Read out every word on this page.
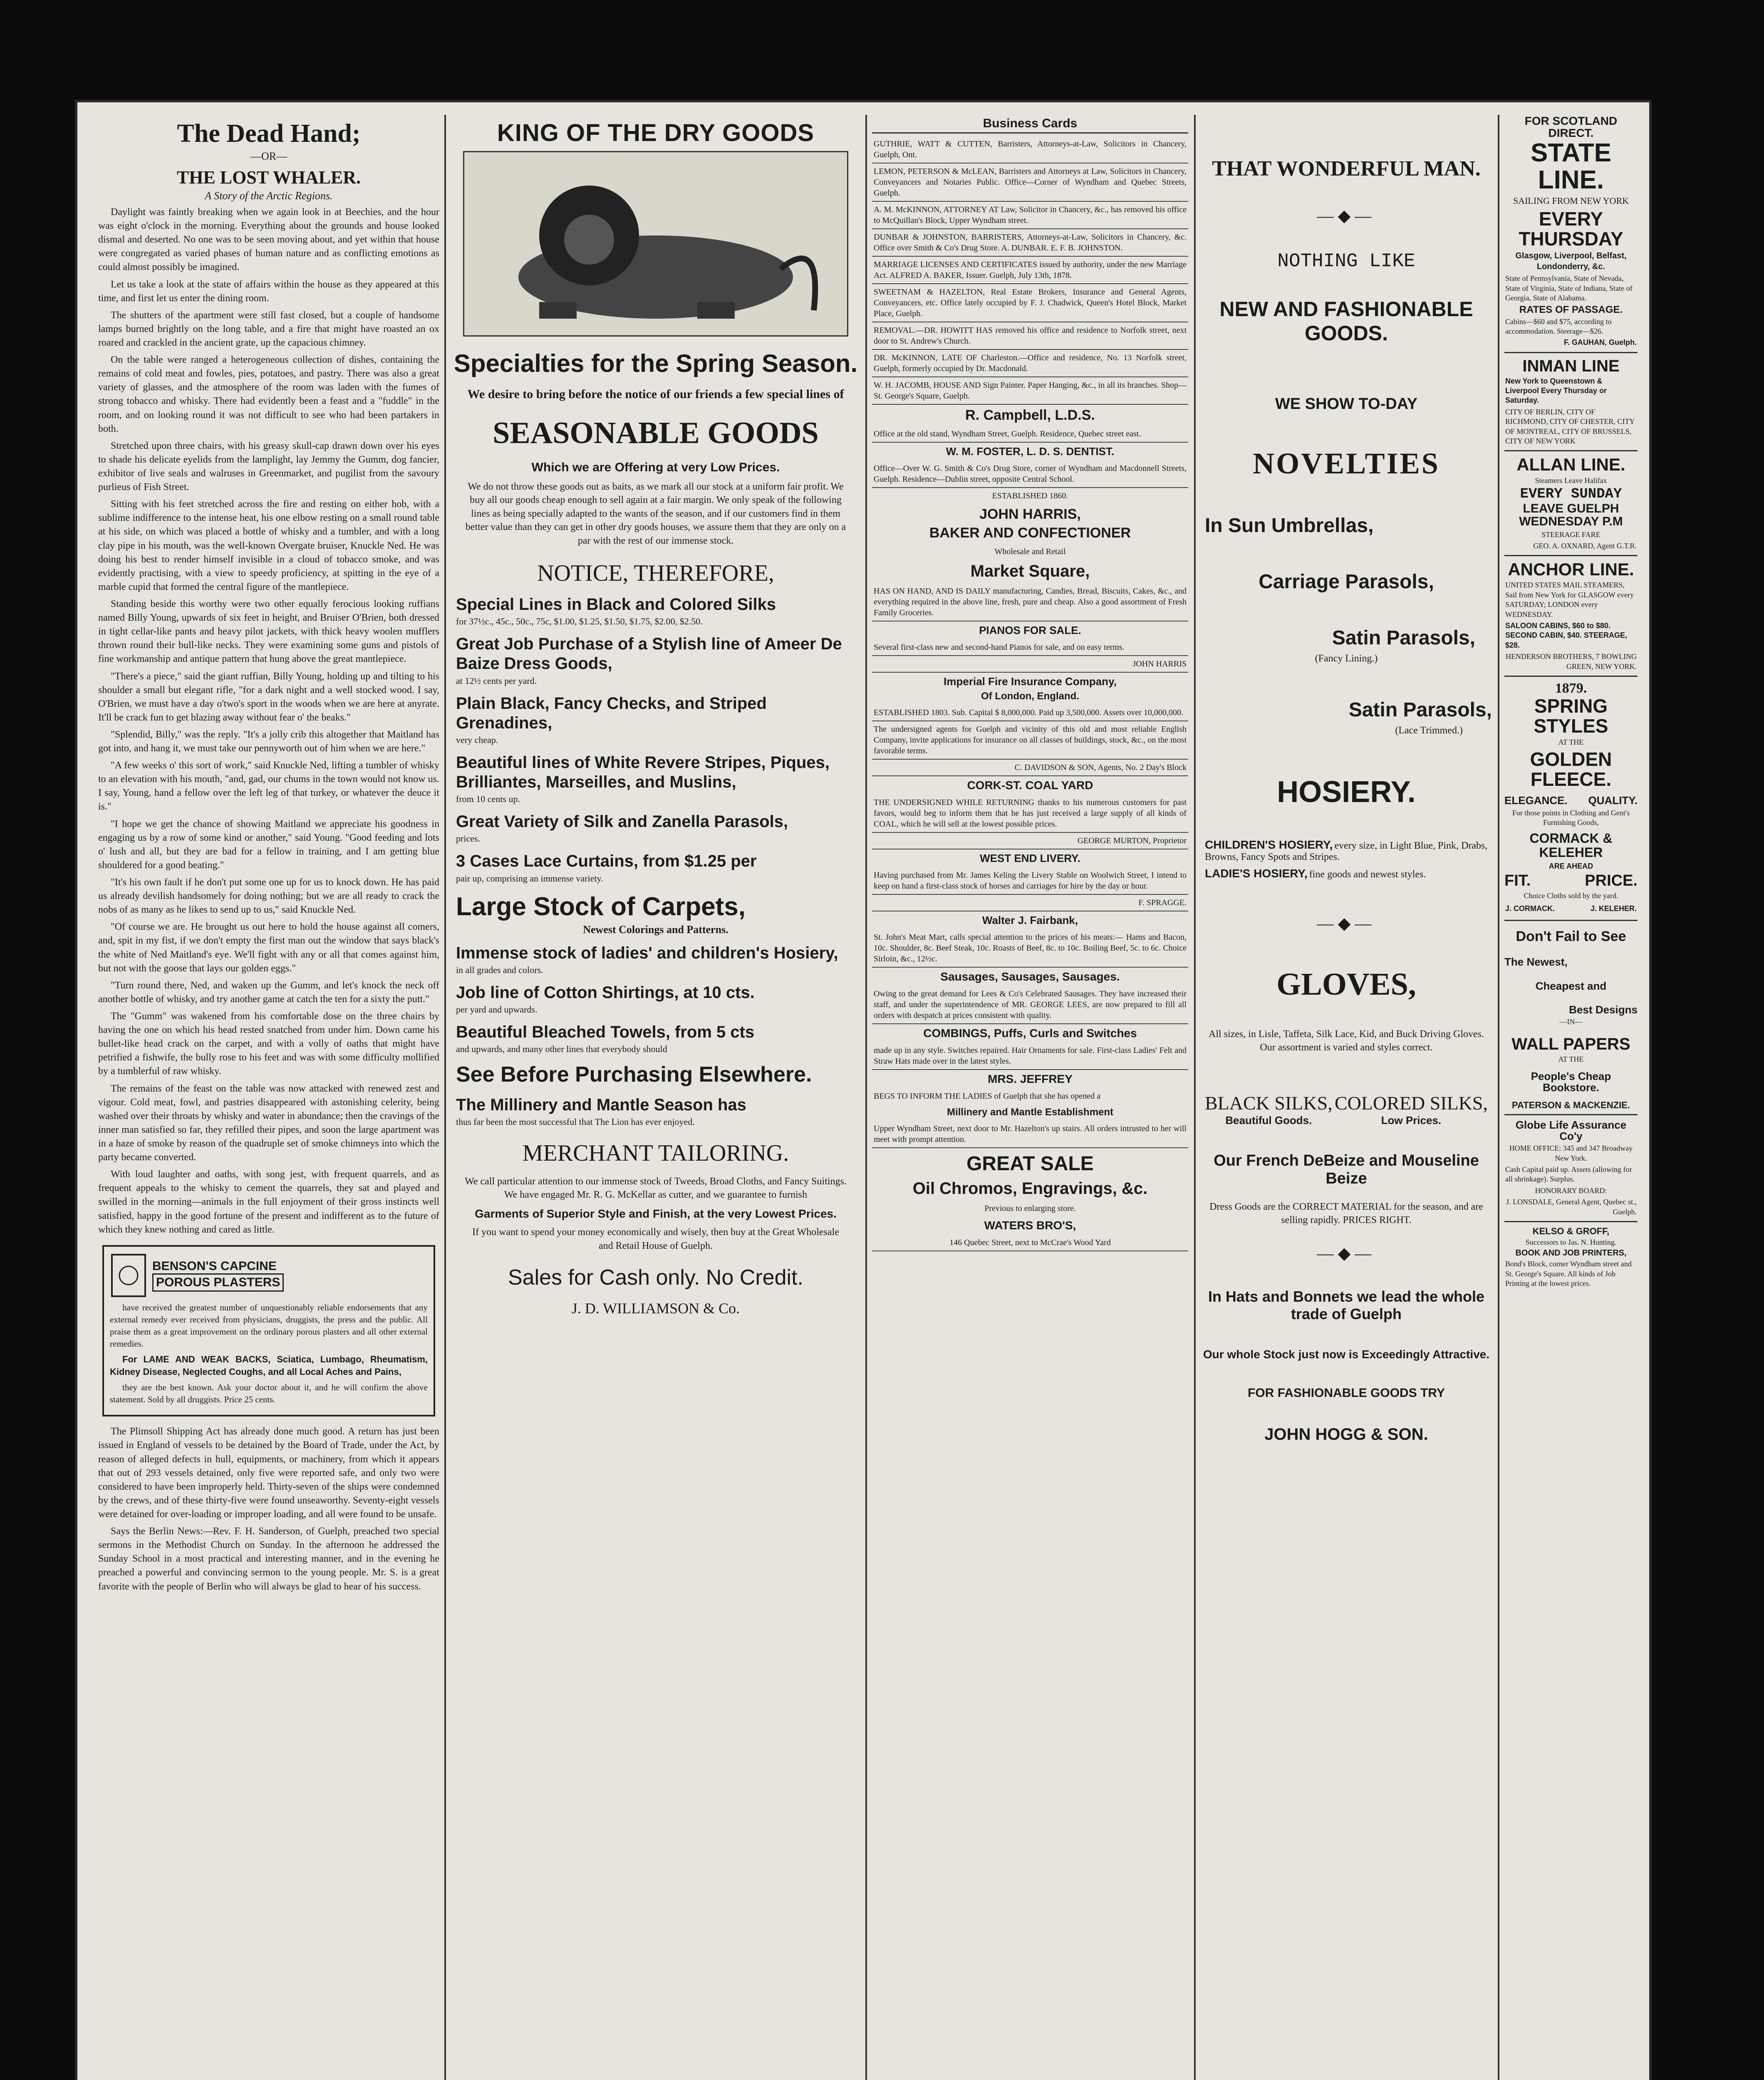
The Dead Hand;
—OR—
THE LOST WHALER.
A Story of the Arctic Regions.

Daylight was faintly breaking when we again look in at Beechies, and the hour was eight o'clock in the morning. Everything about the grounds and house looked dismal and deserted. No one was to be seen moving about, and yet within that house were congregated as varied phases of human nature and as conflicting emotions as could almost possibly be imagined.

Let us take a look at the state of affairs within the house as they appeared at this time, and first let us enter the dining room.

The shutters of the apartment were still fast closed, but a couple of handsome lamps burned brightly on the long table, and a fire that might have roasted an ox roared and crackled in the ancient grate, up the capacious chimney.

On the table were ranged a heterogeneous collection of dishes, containing the remains of cold meat and fowles, pies, potatoes, and pastry. There was also a great variety of glasses, and the atmosphere of the room was laden with the fumes of strong tobacco and whisky. There had evidently been a feast and a "fuddle" in the room, and on looking round it was not difficult to see who had been partakers in both.

Stretched upon three chairs, with his greasy skull-cap drawn down over his eyes to shade his delicate eyelids from the lamplight, lay Jemmy the Gumm, dog fancier, exhibitor of live seals and walruses in Greenmarket, and pugilist from the savoury purlieus of Fish Street.

Sitting with his feet stretched across the fire and resting on either hob, with a sublime indifference to the intense heat, his one elbow resting on a small round table at his side, on which was placed a bottle of whisky and a tumbler, and with a long clay pipe in his mouth, was the well-known Overgate bruiser, Knuckle Ned. He was doing his best to render himself invisible in a cloud of tobacco smoke, and was evidently practising, with a view to speedy proficiency, at spitting in the eye of a marble cupid that formed the central figure of the mantlepiece.

Standing beside this worthy were two other equally ferocious looking ruffians named Billy Young, upwards of six feet in height, and Bruiser O'Brien, both dressed in tight cellar-like pants and heavy pilot jackets, with thick heavy woolen mufflers thrown round their bull-like necks. They were examining some guns and pistols of fine workmanship and antique pattern that hung above the great mantlepiece.

"There's a piece," said the giant ruffian, Billy Young, holding up and tilting to his shoulder a small but elegant rifle, "for a dark night and a well stocked wood. I say, O'Brien, we must have a day o'two's sport in the woods when we are here at anyrate. It'll be crack fun to get blazing away without fear o' the beaks."

"Splendid, Billy," was the reply. "It's a jolly crib this altogether that Maitland has got into, and hang it, we must take our pennyworth out of him when we are here."

"A few weeks o' this sort of work," said Knuckle Ned, lifting a tumbler of whisky to an elevation with his mouth, "and, gad, our chums in the town would not know us. I say, Young, hand a fellow over the left leg of that turkey, or whatever the deuce it is."

"I hope we get the chance of showing Maitland we appreciate his goodness in engaging us by a row of some kind or another," said Young. "Good feeding and lots o' lush and all, but they are bad for a fellow in training, and I am getting blue shouldered for a good beating."

"It's his own fault if he don't put some one up for us to knock down. He has paid us already devilish handsomely for doing nothing; but we are all ready to crack the nobs of as many as he likes to send up to us," said Knuckle Ned.

"Of course we are. He brought us out here to hold the house against all comers, and, spit in my fist, if we don't empty the first man out the window that says black's the white of Ned Maitland's eye. We'll fight with any or all that comes against him, but not with the goose that lays our golden eggs."

"Turn round there, Ned, and waken up the Gumm, and let's knock the neck off another bottle of whisky, and try another game at catch the ten for a sixty the putt."

The "Gumm" was wakened from his comfortable dose on the three chairs by having the one on which his head rested snatched from under him. Down came his bullet-like head crack on the carpet, and with a volly of oaths that might have petrified a fishwife, the bully rose to his feet and was with some difficulty mollified by a tumblerful of raw whisky.

The remains of the feast on the table was now attacked with renewed zest and vigour. Cold meat, fowl, and pastries disappeared with astonishing celerity, being washed over their throats by whisky and water in abundance; then the cravings of the inner man satisfied so far, they refilled their pipes, and soon the large apartment was in a haze of smoke by reason of the quadruple set of smoke chimneys into which the party became converted.

With loud laughter and oaths, with song jest, with frequent quarrels, and as frequent appeals to the whisky to cement the quarrels, they sat and played and swilled in the morning—animals in the full enjoyment of their gross instincts well satisfied, happy in the good fortune of the present and indifferent as to the future of which they knew nothing and cared as little.

BENSON'S CAPCINE
POROUS PLASTERS

have received the greatest number of unquestionably reliable endorsements that any external remedy ever received from physicians, druggists, the press and the public. All praise them as a great improvement on the ordinary porous plasters and all other external remedies.

For LAME AND WEAK BACKS, Sciatica, Lumbago, Rheumatism, Kidney Disease, Neglected Coughs, and all Local Aches and Pains,

they are the best known. Ask your doctor about it, and he will confirm the above statement. Sold by all druggists. Price 25 cents.

The Plimsoll Shipping Act has already done much good. A return has just been issued in England of vessels to be detained by the Board of Trade, under the Act, by reason of alleged defects in hull, equipments, or machinery, from which it appears that out of 293 vessels detained, only five were reported safe, and only two were considered to have been improperly held. Thirty-seven of the ships were condemned by the crews, and of these thirty-five were found unseaworthy. Seventy-eight vessels were detained for over-loading or improper loading, and all were found to be unsafe.

Says the Berlin News:—Rev. F. H. Sanderson, of Guelph, preached two special sermons in the Methodist Church on Sunday. In the afternoon he addressed the Sunday School in a most practical and interesting manner, and in the evening he preached a powerful and convincing sermon to the young people. Mr. S. is a great favorite with the people of Berlin who will always be glad to hear of his success.

KING OF THE DRY GOODS
Specialties for the Spring Season.
We desire to bring before the notice of our friends a few special lines of
SEASONABLE GOODS
Which we are Offering at very Low Prices.
We do not throw these goods out as baits, as we mark all our stock at a uniform fair profit. We buy all our goods cheap enough to sell again at a fair margin. We only speak of the following lines as being specially adapted to the wants of the season, and if our customers find in them better value than they can get in other dry goods houses, we assure them that they are only on a par with the rest of our immense stock.
NOTICE, THEREFORE,
Special Lines in Black and Colored Silks
for 37½c., 45c., 50c., 75c, $1.00, $1.25, $1.50, $1.75, $2.00, $2.50.
Great Job Purchase of a Stylish line of Ameer De Baize Dress Goods,
at 12½ cents per yard.
Plain Black, Fancy Checks, and Striped Grenadines,
very cheap.
Beautiful lines of White Revere Stripes, Piques, Brilliantes, Marseilles, and Muslins,
from 10 cents up.
Great Variety of Silk and Zanella Parasols,
prices.
3 Cases Lace Curtains, from $1.25 per
pair up, comprising an immense variety.
Large Stock of Carpets,
Newest Colorings and Patterns.
Immense stock of ladies' and children's Hosiery,
in all grades and colors.
Job line of Cotton Shirtings, at 10 cts.
per yard and upwards.
Beautiful Bleached Towels, from 5 cts
and upwards, and many other lines that everybody should
See Before Purchasing Elsewhere.
The Millinery and Mantle Season has
thus far been the most successful that The Lion has ever enjoyed.
MERCHANT TAILORING.
We call particular attention to our immense stock of Tweeds, Broad Cloths, and Fancy Suitings. We have engaged Mr. R. G. McKellar as cutter, and we guarantee to furnish
Garments of Superior Style and Finish, at the very Lowest Prices.
If you want to spend your money economically and wisely, then buy at the Great Wholesale and Retail House of Guelph.
Sales for Cash only. No Credit.
J. D. WILLIAMSON & Co.
Business Cards
GUTHRIE, WATT & CUTTEN, Barristers, Attorneys-at-Law, Solicitors in Chancery, Guelph, Ont.
LEMON, PETERSON & McLEAN, Barristers and Attorneys at Law, Solicitors in Chancery, Conveyancers and Notaries Public. Office—Corner of Wyndham and Quebec Streets, Guelph.
A. M. McKINNON, ATTORNEY AT Law, Solicitor in Chancery, &c., has removed his office to McQuillan's Block, Upper Wyndham street.
DUNBAR & JOHNSTON, BARRISTERS, Attorneys-at-Law, Solicitors in Chancery, &c. Office over Smith & Co's Drug Store. A. DUNBAR. E. F. B. JOHNSTON.
MARRIAGE LICENSES AND CERTIFICATES issued by authority, under the new Marriage Act. ALFRED A. BAKER, Issuer. Guelph, July 13th, 1878.
SWEETNAM & HAZELTON, Real Estate Brokers, Insurance and General Agents, Conveyancers, etc. Office lately occupied by F. J. Chadwick, Queen's Hotel Block, Market Place, Guelph.
REMOVAL.—DR. HOWITT HAS removed his office and residence to Norfolk street, next door to St. Andrew's Church.
DR. McKINNON, LATE OF Charleston.—Office and residence, No. 13 Norfolk street, Guelph, formerly occupied by Dr. Macdonald.
W. H. JACOMB, HOUSE AND Sign Painter. Paper Hanging, &c., in all its branches. Shop—St. George's Square, Guelph.
R. Campbell, L.D.S.
Office at the old stand, Wyndham Street, Guelph. Residence, Quebec street east.
W. M. FOSTER, L. D. S. DENTIST.
Office—Over W. G. Smith & Co's Drug Store, corner of Wyndham and Macdonnell Streets, Guelph. Residence—Dublin street, opposite Central School.
ESTABLISHED 1860.
JOHN HARRIS,
BAKER AND CONFECTIONER
Wholesale and Retail
Market Square,
HAS ON HAND, AND IS DAILY manufacturing, Candies, Bread, Biscuits, Cakes, &c., and everything required in the above line, fresh, pure and cheap. Also a good assortment of Fresh Family Groceries.
PIANOS FOR SALE.
Several first-class new and second-hand Pianos for sale, and on easy terms.
JOHN HARRIS
Imperial Fire Insurance Company,
Of London, England.
ESTABLISHED 1803. Sub. Capital $ 8,000,000. Paid up 3,500,000. Assets over 10,000,000.
The undersigned agents for Guelph and vicinity of this old and most reliable English Company, invite applications for insurance on all classes of buildings, stock, &c., on the most favorable terms.
C. DAVIDSON & SON, Agents, No. 2 Day's Block
CORK-ST. COAL YARD
THE UNDERSIGNED WHILE RETURNING thanks to his numerous customers for past favors, would beg to inform them that he has just received a large supply of all kinds of COAL, which he will sell at the lowest possible prices.
GEORGE MURTON, Proprietor
WEST END LIVERY.
Having purchased from Mr. James Keling the Livery Stable on Woolwich Street, I intend to keep on hand a first-class stock of horses and carriages for hire by the day or hour.
F. SPRAGGE.
Walter J. Fairbank,
St. John's Meat Mart, calls special attention to the prices of his meats:— Hams and Bacon, 10c. Shoulder, 8c. Beef Steak, 10c. Roasts of Beef, 8c. to 10c. Boiling Beef, 5c. to 6c. Choice Sirloin, &c., 12½c.
Sausages, Sausages, Sausages.
Owing to the great demand for Lees & Co's Celebrated Sausages. They have increased their staff, and under the superintendence of MR. GEORGE LEES, are now prepared to fill all orders with despatch at prices consistent with quality.
COMBINGS, Puffs, Curls and Switches
made up in any style. Switches repaired. Hair Ornaments for sale. First-class Ladies' Felt and Straw Hats made over in the latest styles.
MRS. JEFFREY
BEGS TO INFORM THE LADIES of Guelph that she has opened a
Millinery and Mantle Establishment
Upper Wyndham Street, next door to Mr. Hazelton's up stairs. All orders intrusted to her will meet with prompt attention.
GREAT SALE
Oil Chromos, Engravings, &c.
Previous to enlarging store.
WATERS BRO'S,
146 Quebec Street, next to McCrae's Wood Yard
THAT WONDERFUL MAN.
—◆—
NOTHING LIKE
NEW AND FASHIONABLE GOODS.
WE SHOW TO-DAY
NOVELTIES
In Sun Umbrellas,
Carriage Parasols,
Satin Parasols,
(Fancy Lining.)
Satin Parasols,
(Lace Trimmed.)
HOSIERY.
CHILDREN'S HOSIERY, every size, in Light Blue, Pink, Drabs, Browns, Fancy Spots and Stripes.
LADIE'S HOSIERY, fine goods and newest styles.
—◆—
GLOVES,
All sizes, in Lisle, Taffeta, Silk Lace, Kid, and Buck Driving Gloves. Our assortment is varied and styles correct.
BLACK SILKS,
Beautiful Goods.
COLORED SILKS,
Low Prices.
Our French DeBeize and Mouseline Beize
Dress Goods are the CORRECT MATERIAL for the season, and are selling rapidly. PRICES RIGHT.
—◆—
In Hats and Bonnets we lead the whole trade of Guelph
Our whole Stock just now is Exceedingly Attractive.
FOR FASHIONABLE GOODS TRY
JOHN HOGG & SON.
FOR SCOTLAND DIRECT.
STATE LINE.
SAILING FROM NEW YORK
EVERY THURSDAY
Glasgow, Liverpool, Belfast, Londonderry, &c.
State of Pennsylvania, State of Nevada, State of Virginia, State of Indiana, State of Georgia, State of Alabama.
RATES OF PASSAGE.
Cabins—$60 and $75, according to accommodation. Steerage—$26.
F. GAUHAN, Guelph.
INMAN LINE
New York to Queenstown & Liverpool Every Thursday or Saturday.
CITY OF BERLIN, CITY OF RICHMOND, CITY OF CHESTER, CITY OF MONTREAL, CITY OF BRUSSELS, CITY OF NEW YORK
ALLAN LINE.
Steamers Leave Halifax
EVERY SUNDAY
LEAVE GUELPH WEDNESDAY P.M
STEERAGE FARE
GEO. A. OXNARD, Agent G.T.R.
ANCHOR LINE.
UNITED STATES MAIL STEAMERS, Sail from New York for GLASGOW every SATURDAY; LONDON every WEDNESDAY.
SALOON CABINS, $60 to $80. SECOND CABIN, $40. STEERAGE, $28.
HENDERSON BROTHERS, 7 BOWLING GREEN, NEW YORK.
1879.
SPRING STYLES
AT THE
GOLDEN FLEECE.
ELEGANCE. QUALITY.
For those points in Clothing and Gent's Furnishing Goods,
CORMACK & KELEHER
ARE AHEAD
FIT.	PRICE.
Choice Cloths sold by the yard.
J. CORMACK.	J. KELEHER.
Don't Fail to See
The Newest,
Cheapest and
Best Designs
—IN—
WALL PAPERS
AT THE
People's Cheap Bookstore.
PATERSON & MACKENZIE.
Globe Life Assurance Co'y
HOME OFFICE: 345 and 347 Broadway New York.
Cash Capital paid up. Assets (allowing for all shrinkage). Surplus.
HONORARY BOARD:
J. LONSDALE, General Agent, Quebec st., Guelph.
KELSO & GROFF,
Successors to Jas. N. Hunting.
BOOK AND JOB PRINTERS,
Bond's Block, corner Wyndham street and St. George's Square. All kinds of Job Printing at the lowest prices.
